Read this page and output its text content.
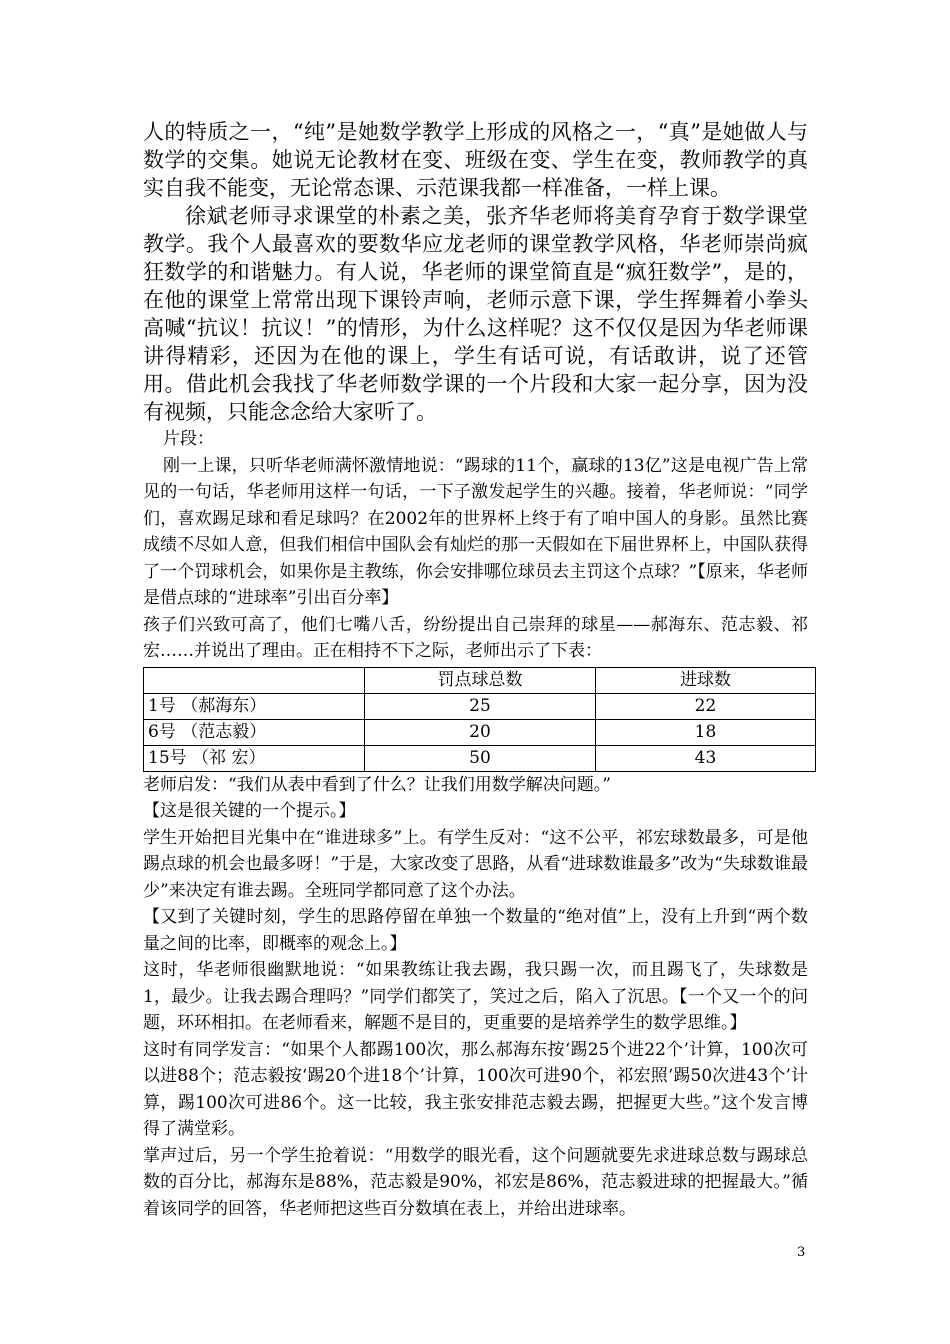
人的特质之一，“纯”是她数学教学上形成的风格之一，“真”是她做人与数学的交集。她说无论教材在变、班级在变、学生在变，教师教学的真实自我不能变，无论常态课、示范课我都一样准备，一样上课。

徐斌老师寻求课堂的朴素之美，张齐华老师将美育孕育于数学课堂教学。我个人最喜欢的要数华应龙老师的课堂教学风格，华老师崇尚疯狂数学的和谐魅力。有人说，华老师的课堂简直是“疯狂数学”，是的，在他的课堂上常常出现下课铃声响，老师示意下课，学生挥舞着小拳头高喊“抗议！抗议！”的情形，为什么这样呢？这不仅仅是因为华老师课讲得精彩，还因为在他的课上，学生有话可说，有话敢讲，说了还管用。借此机会我找了华老师数学课的一个片段和大家一起分享，因为没有视频，只能念念给大家听了。

片段：

刚一上课，只听华老师满怀激情地说：“踢球的11个，赢球的13亿”这是电视广告上常见的一句话，华老师用这样一句话，一下子激发起学生的兴趣。接着，华老师说：“同学们，喜欢踢足球和看足球吗？在2002年的世界杯上终于有了咱中国人的身影。虽然比赛成绩不尽如人意，但我们相信中国队会有灿烂的那一天假如在下届世界杯上，中国队获得了一个罚球机会，如果你是主教练，你会安排哪位球员去主罚这个点球？”【原来，华老师是借点球的“进球率”引出百分率】

孩子们兴致可高了，他们七嘴八舌，纷纷提出自己崇拜的球星——郝海东、范志毅、祁宏……并说出了理由。正在相持不下之际，老师出示了下表：

	罚点球总数	进球数
1号 （郝海东）	25	22
6号 （范志毅）	20	18
15号 （祁 宏）	50	43

老师启发：“我们从表中看到了什么？让我们用数学解决问题。”

【这是很关键的一个提示。】

学生开始把目光集中在“谁进球多”上。有学生反对：“这不公平，祁宏球数最多，可是他踢点球的机会也最多呀！”于是，大家改变了思路，从看“进球数谁最多”改为“失球数谁最少”来决定有谁去踢。全班同学都同意了这个办法。

【又到了关键时刻，学生的思路停留在单独一个数量的“绝对值”上，没有上升到“两个数量之间的比率，即概率的观念上。】

这时，华老师很幽默地说：“如果教练让我去踢，我只踢一次，而且踢飞了，失球数是1，最少。让我去踢合理吗？”同学们都笑了，笑过之后，陷入了沉思。【一个又一个的问题，环环相扣。在老师看来，解题不是目的，更重要的是培养学生的数学思维。】

这时有同学发言：“如果个人都踢100次，那么郝海东按‘踢25个进22个’计算，100次可以进88个；范志毅按‘踢20个进18个’计算，100次可进90个，祁宏照‘踢50次进43个’计算，踢100次可进86个。这一比较，我主张安排范志毅去踢，把握更大些。”这个发言博得了满堂彩。

掌声过后，另一个学生抢着说：“用数学的眼光看，这个问题就要先求进球总数与踢球总数的百分比，郝海东是88%，范志毅是90%，祁宏是86%，范志毅进球的把握最大。”循着该同学的回答，华老师把这些百分数填在表上，并给出进球率。

3
